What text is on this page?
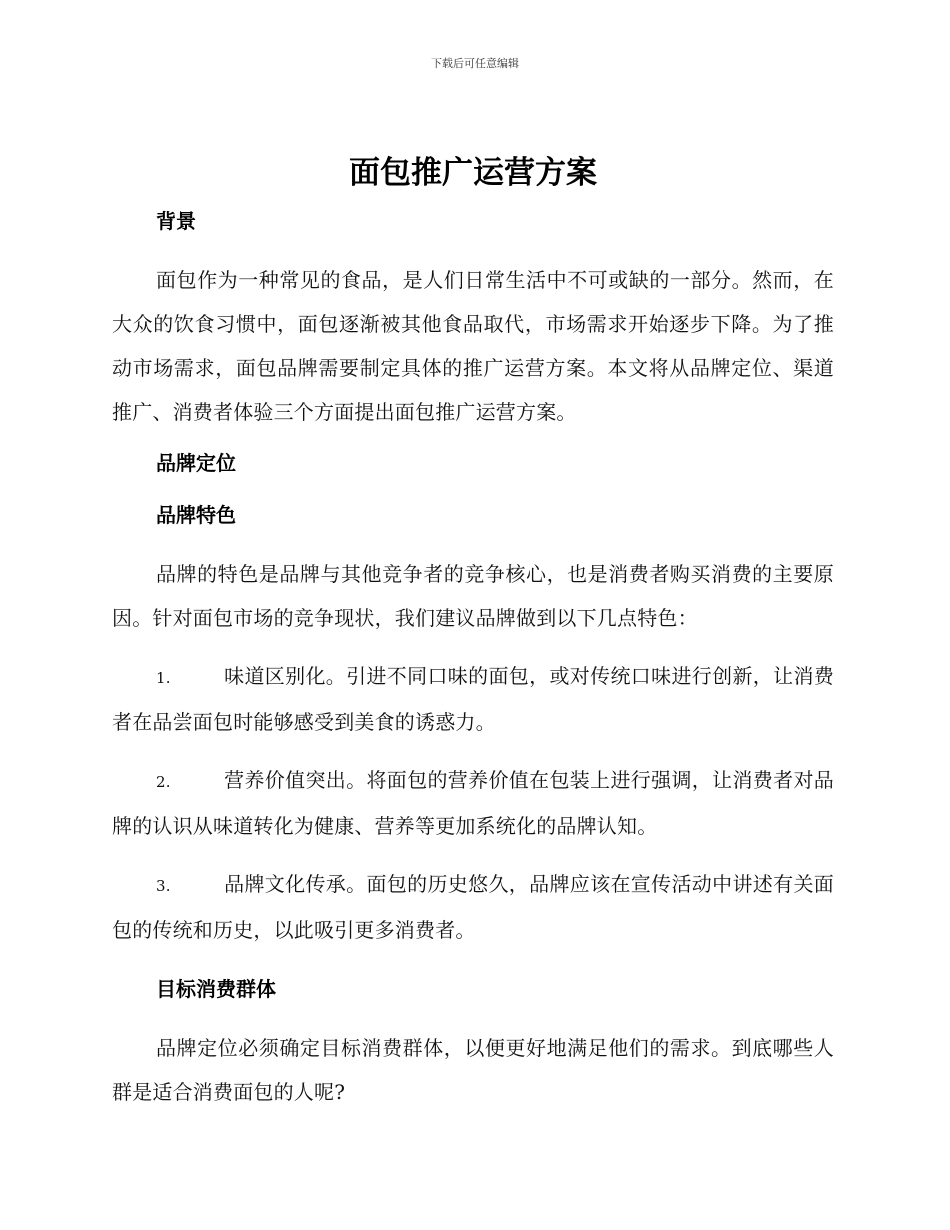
下载后可任意编辑
面包推广运营方案
背景

面包作为一种常见的食品，是人们日常生活中不可或缺的一部分。然而，在大众的饮食习惯中，面包逐渐被其他食品取代，市场需求开始逐步下降。为了推动市场需求，面包品牌需要制定具体的推广运营方案。本文将从品牌定位、渠道推广、消费者体验三个方面提出面包推广运营方案。

品牌定位
品牌特色

品牌的特色是品牌与其他竞争者的竞争核心，也是消费者购买消费的主要原因。针对面包市场的竞争现状，我们建议品牌做到以下几点特色：

1.	味道区别化。引进不同口味的面包，或对传统口味进行创新，让消费者在品尝面包时能够感受到美食的诱惑力。

2.	营养价值突出。将面包的营养价值在包装上进行强调，让消费者对品牌的认识从味道转化为健康、营养等更加系统化的品牌认知。

3.	品牌文化传承。面包的历史悠久，品牌应该在宣传活动中讲述有关面包的传统和历史，以此吸引更多消费者。

目标消费群体

品牌定位必须确定目标消费群体，以便更好地满足他们的需求。到底哪些人群是适合消费面包的人呢?
